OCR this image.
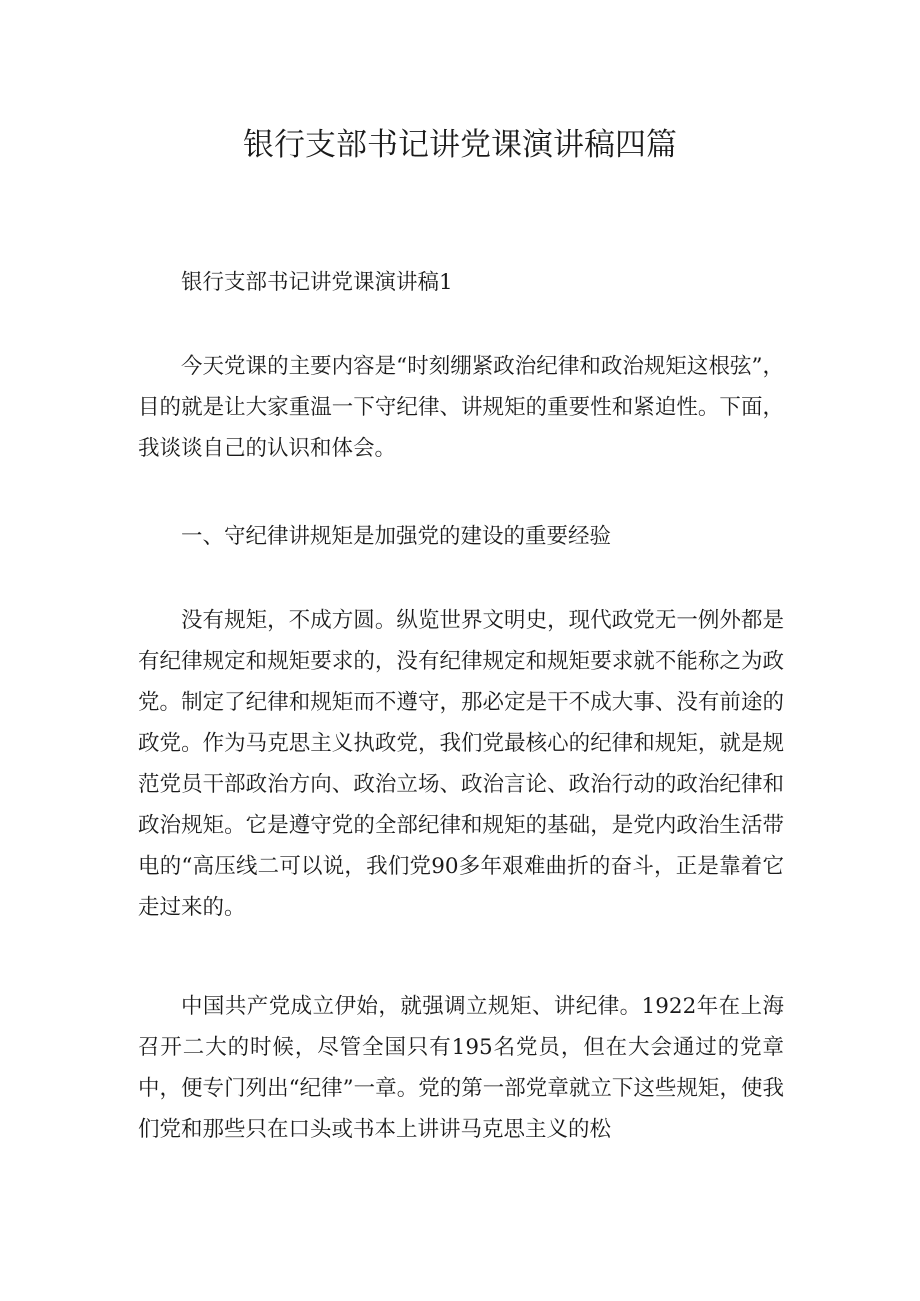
银行支部书记讲党课演讲稿四篇

银行支部书记讲党课演讲稿1

今天党课的主要内容是“时刻绷紧政治纪律和政治规矩这根弦”，目的就是让大家重温一下守纪律、讲规矩的重要性和紧迫性。下面，我谈谈自己的认识和体会。

一、守纪律讲规矩是加强党的建设的重要经验

没有规矩，不成方圆。纵览世界文明史，现代政党无一例外都是有纪律规定和规矩要求的，没有纪律规定和规矩要求就不能称之为政党。制定了纪律和规矩而不遵守，那必定是干不成大事、没有前途的政党。作为马克思主义执政党，我们党最核心的纪律和规矩，就是规范党员干部政治方向、政治立场、政治言论、政治行动的政治纪律和政治规矩。它是遵守党的全部纪律和规矩的基础，是党内政治生活带电的“高压线二可以说，我们党90多年艰难曲折的奋斗，正是靠着它走过来的。

中国共产党成立伊始，就强调立规矩、讲纪律。1922年在上海召开二大的时候，尽管全国只有195名党员，但在大会通过的党章中，便专门列出“纪律”一章。党的第一部党章就立下这些规矩，使我们党和那些只在口头或书本上讲讲马克思主义的松
